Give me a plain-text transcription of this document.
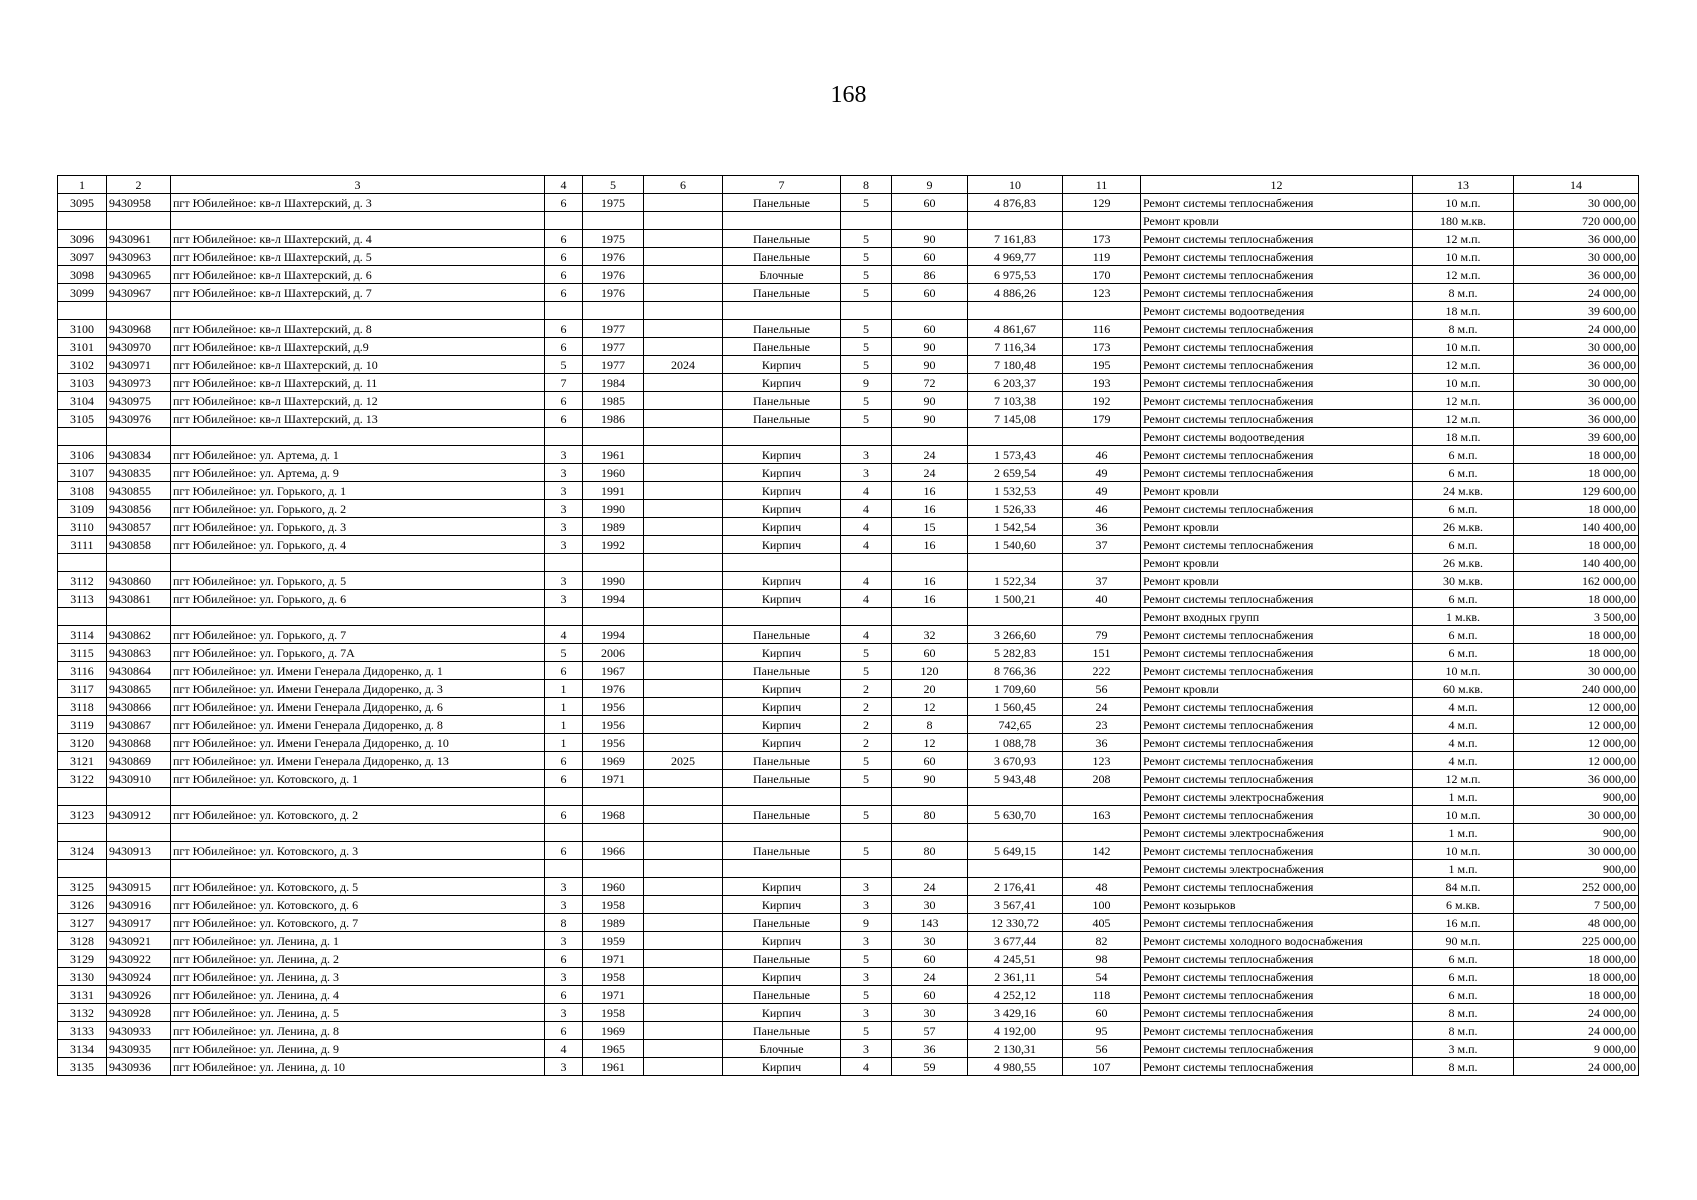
168
1	2	3	4	5	6	7	8	9	10	11	12	13	14
3095	9430958	пгт Юбилейное: кв-л Шахтерский, д. 3	6	1975		Панельные	5	60	4 876,83	129	Ремонт системы теплоснабжения	10 м.п.	30 000,00
											Ремонт кровли	180 м.кв.	720 000,00
3096	9430961	пгт Юбилейное: кв-л Шахтерский, д. 4	6	1975		Панельные	5	90	7 161,83	173	Ремонт системы теплоснабжения	12 м.п.	36 000,00
3097	9430963	пгт Юбилейное: кв-л Шахтерский, д. 5	6	1976		Панельные	5	60	4 969,77	119	Ремонт системы теплоснабжения	10 м.п.	30 000,00
3098	9430965	пгт Юбилейное: кв-л Шахтерский, д. 6	6	1976		Блочные	5	86	6 975,53	170	Ремонт системы теплоснабжения	12 м.п.	36 000,00
3099	9430967	пгт Юбилейное: кв-л Шахтерский, д. 7	6	1976		Панельные	5	60	4 886,26	123	Ремонт системы теплоснабжения	8 м.п.	24 000,00
											Ремонт системы водоотведения	18 м.п.	39 600,00
3100	9430968	пгт Юбилейное: кв-л Шахтерский, д. 8	6	1977		Панельные	5	60	4 861,67	116	Ремонт системы теплоснабжения	8 м.п.	24 000,00
3101	9430970	пгт Юбилейное: кв-л Шахтерский, д.9	6	1977		Панельные	5	90	7 116,34	173	Ремонт системы теплоснабжения	10 м.п.	30 000,00
3102	9430971	пгт Юбилейное: кв-л Шахтерский, д. 10	5	1977	2024	Кирпич	5	90	7 180,48	195	Ремонт системы теплоснабжения	12 м.п.	36 000,00
3103	9430973	пгт Юбилейное: кв-л Шахтерский, д. 11	7	1984		Кирпич	9	72	6 203,37	193	Ремонт системы теплоснабжения	10 м.п.	30 000,00
3104	9430975	пгт Юбилейное: кв-л Шахтерский, д. 12	6	1985		Панельные	5	90	7 103,38	192	Ремонт системы теплоснабжения	12 м.п.	36 000,00
3105	9430976	пгт Юбилейное: кв-л Шахтерский, д. 13	6	1986		Панельные	5	90	7 145,08	179	Ремонт системы теплоснабжения	12 м.п.	36 000,00
											Ремонт системы водоотведения	18 м.п.	39 600,00
3106	9430834	пгт Юбилейное: ул. Артема, д. 1	3	1961		Кирпич	3	24	1 573,43	46	Ремонт системы теплоснабжения	6 м.п.	18 000,00
3107	9430835	пгт Юбилейное: ул. Артема, д. 9	3	1960		Кирпич	3	24	2 659,54	49	Ремонт системы теплоснабжения	6 м.п.	18 000,00
3108	9430855	пгт Юбилейное: ул. Горького, д. 1	3	1991		Кирпич	4	16	1 532,53	49	Ремонт кровли	24 м.кв.	129 600,00
3109	9430856	пгт Юбилейное: ул. Горького, д. 2	3	1990		Кирпич	4	16	1 526,33	46	Ремонт системы теплоснабжения	6 м.п.	18 000,00
3110	9430857	пгт Юбилейное: ул. Горького, д. 3	3	1989		Кирпич	4	15	1 542,54	36	Ремонт кровли	26 м.кв.	140 400,00
3111	9430858	пгт Юбилейное: ул. Горького, д. 4	3	1992		Кирпич	4	16	1 540,60	37	Ремонт системы теплоснабжения	6 м.п.	18 000,00
											Ремонт кровли	26 м.кв.	140 400,00
3112	9430860	пгт Юбилейное: ул. Горького, д. 5	3	1990		Кирпич	4	16	1 522,34	37	Ремонт кровли	30 м.кв.	162 000,00
3113	9430861	пгт Юбилейное: ул. Горького, д. 6	3	1994		Кирпич	4	16	1 500,21	40	Ремонт системы теплоснабжения	6 м.п.	18 000,00
											Ремонт входных групп	1 м.кв.	3 500,00
3114	9430862	пгт Юбилейное: ул. Горького, д. 7	4	1994		Панельные	4	32	3 266,60	79	Ремонт системы теплоснабжения	6 м.п.	18 000,00
3115	9430863	пгт Юбилейное: ул. Горького, д. 7А	5	2006		Кирпич	5	60	5 282,83	151	Ремонт системы теплоснабжения	6 м.п.	18 000,00
3116	9430864	пгт Юбилейное: ул. Имени Генерала Дидоренко, д. 1	6	1967		Панельные	5	120	8 766,36	222	Ремонт системы теплоснабжения	10 м.п.	30 000,00
3117	9430865	пгт Юбилейное: ул. Имени Генерала Дидоренко, д. 3	1	1976		Кирпич	2	20	1 709,60	56	Ремонт кровли	60 м.кв.	240 000,00
3118	9430866	пгт Юбилейное: ул. Имени Генерала Дидоренко, д. 6	1	1956		Кирпич	2	12	1 560,45	24	Ремонт системы теплоснабжения	4 м.п.	12 000,00
3119	9430867	пгт Юбилейное: ул. Имени Генерала Дидоренко, д. 8	1	1956		Кирпич	2	8	742,65	23	Ремонт системы теплоснабжения	4 м.п.	12 000,00
3120	9430868	пгт Юбилейное: ул. Имени Генерала Дидоренко, д. 10	1	1956		Кирпич	2	12	1 088,78	36	Ремонт системы теплоснабжения	4 м.п.	12 000,00
3121	9430869	пгт Юбилейное: ул. Имени Генерала Дидоренко, д. 13	6	1969	2025	Панельные	5	60	3 670,93	123	Ремонт системы теплоснабжения	4 м.п.	12 000,00
3122	9430910	пгт Юбилейное: ул. Котовского, д. 1	6	1971		Панельные	5	90	5 943,48	208	Ремонт системы теплоснабжения	12 м.п.	36 000,00
											Ремонт системы электроснабжения	1 м.п.	900,00
3123	9430912	пгт Юбилейное: ул. Котовского, д. 2	6	1968		Панельные	5	80	5 630,70	163	Ремонт системы теплоснабжения	10 м.п.	30 000,00
											Ремонт системы электроснабжения	1 м.п.	900,00
3124	9430913	пгт Юбилейное: ул. Котовского, д. 3	6	1966		Панельные	5	80	5 649,15	142	Ремонт системы теплоснабжения	10 м.п.	30 000,00
											Ремонт системы электроснабжения	1 м.п.	900,00
3125	9430915	пгт Юбилейное: ул. Котовского, д. 5	3	1960		Кирпич	3	24	2 176,41	48	Ремонт системы теплоснабжения	84 м.п.	252 000,00
3126	9430916	пгт Юбилейное: ул. Котовского, д. 6	3	1958		Кирпич	3	30	3 567,41	100	Ремонт козырьков	6 м.кв.	7 500,00
3127	9430917	пгт Юбилейное: ул. Котовского, д. 7	8	1989		Панельные	9	143	12 330,72	405	Ремонт системы теплоснабжения	16 м.п.	48 000,00
3128	9430921	пгт Юбилейное: ул. Ленина, д. 1	3	1959		Кирпич	3	30	3 677,44	82	Ремонт системы холодного водоснабжения	90 м.п.	225 000,00
3129	9430922	пгт Юбилейное: ул. Ленина, д. 2	6	1971		Панельные	5	60	4 245,51	98	Ремонт системы теплоснабжения	6 м.п.	18 000,00
3130	9430924	пгт Юбилейное: ул. Ленина, д. 3	3	1958		Кирпич	3	24	2 361,11	54	Ремонт системы теплоснабжения	6 м.п.	18 000,00
3131	9430926	пгт Юбилейное: ул. Ленина, д. 4	6	1971		Панельные	5	60	4 252,12	118	Ремонт системы теплоснабжения	6 м.п.	18 000,00
3132	9430928	пгт Юбилейное: ул. Ленина, д. 5	3	1958		Кирпич	3	30	3 429,16	60	Ремонт системы теплоснабжения	8 м.п.	24 000,00
3133	9430933	пгт Юбилейное: ул. Ленина, д. 8	6	1969		Панельные	5	57	4 192,00	95	Ремонт системы теплоснабжения	8 м.п.	24 000,00
3134	9430935	пгт Юбилейное: ул. Ленина, д. 9	4	1965		Блочные	3	36	2 130,31	56	Ремонт системы теплоснабжения	3 м.п.	9 000,00
3135	9430936	пгт Юбилейное: ул. Ленина, д. 10	3	1961		Кирпич	4	59	4 980,55	107	Ремонт системы теплоснабжения	8 м.п.	24 000,00
